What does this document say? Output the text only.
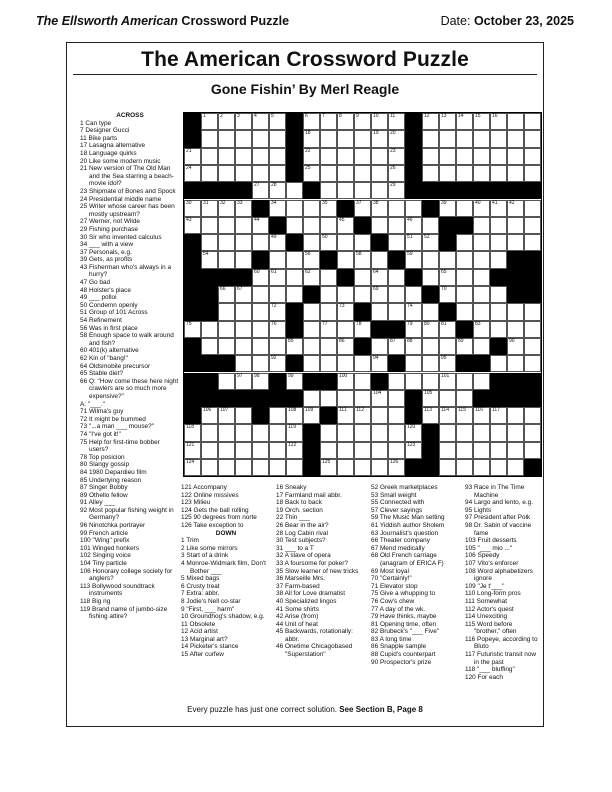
The Ellsworth American Crossword Puzzle	Date: October 23, 2025
The American Crossword Puzzle
Gone Fishin’ By Merl Reagle
ACROSS
1 Can type
7 Designer Gucci
11 Bike parts
17 Lasagna alternative
18 Language quirks
20 Like some modern music
21 New version of The Old Man and the Sea starring a beach-movie idol?
23 Shipmate of Bones and Spock
24 Presidential middle name
25 Writer whose career has been mostly upstream?
27 Werner, not Wilde
29 Fishing purchase
30 Sir who invented calculus
34 ___ with a view
37 Personals, e.g.
39 Gets, as profits
43 Fisherman who's always in a hurry?
47 Go bad
48 Holster's place
49 ___ polloi
50 Condemn openly
51 Group of 101 Across
54 Refinement
56 Was in first place
58 Enough space to walk around and fish?
60 401(k) alternative
62 Kin of "bang!"
64 Oldsmobile precursor
65 Stable diet?
66 Q: "How come these here night crawlers are so much more expensive?"
A: "___."
71 Wilma's guy
72 It might be bummed
73 "...a man ___ mouse?"
74 "I've got it!"
75 Help for first-time bobber users?
78 Top posicion
80 Slangy gossip
84 1980 Depardieu film
85 Underlying reason
87 Singer Bobby
89 Othello fellow
91 Alley ___
92 Most popular fishing weight in Germany?
96 Ninotchka portrayer
99 French article
100 "Wing" prefix
101 Winged honkers
102 Singing voice
104 Tiny particle
106 Honorary college society for anglers?
113 Bollywood soundtrack instruments
118 Big rig
119 Brand name of jumbo-size fishing attire?
121 Accompany
122 Online missives
123 Milieu
124 Gets the ball rolling
125 90 degrees from norte
126 Take exception to
DOWN
1 Trim
2 Like some mirrors
3 Start of a drink
4 Monroe-Widmark film, Don't Bother ___
5 Mixed bags
6 Crusty treat
7 Extra: abbr.
8 Jodie's Nell co-star
9 "First, ___ harm"
10 Groundhog's shadow, e.g.
11 Obsolete
12 Acid artist
13 Marginal art?
14 Picketer's stance
15 After curfew
16 Sneaky
17 Farmland mail abbr.
18 Back to back
19 Orch. section
22 Thin ___
26 Bear in the air?
28 Log Cabin rival
30 Test subjects?
31 ___ to a T
32 A slave of opera
33 A foursome for poker?
35 Slow learner of new tricks
36 Marseille Mrs.
37 Farm-based
38 All for Love dramatist
40 Specialized lingos
41 Some shirts
42 Arise (from)
44 Unit of heat
45 Backwards, rotationally: abbr.
46 Onetime Chicagobased "Superstation"
52 Greek marketplaces
53 Small weight
55 Connected with
57 Clever sayings
59 The Music Man setting
61 Yiddish author Sholem
63 Journalist's question
66 Theater company
67 Mend medically
68 Old French carriage (anagram of ERICA F)
69 Most loyal
70 "Certainly!"
71 Elevator stop
75 Give a whupping to
76 Cow's chew
77 A day of the wk.
79 Have thinks, maybe
81 Opening time, often
82 Brubeck's "___ Five"
83 A long time
86 Snapple sample
88 Cupid's counterpart
90 Prospector's prize
93 Race in The Time Machine
94 Largo and lento, e.g.
95 Lights
97 President after Polk
98 Dr. Sabin of vaccine fame
103 Fruit desserts
105 "___ mio ..."
106 Speedy
107 Vito's enforcer
108 Word alphabetizers ignore
109 "Je t'___"
110 Long-form pros
111 Somewhat
112 Actor's quest
114 Unexciting
115 Word before "brother," often
116 Popeye, according to Bluto
117 Futuristic transit now in the past
118 "___ bluffing"
120 For each
1	2	3	4	5	6	7	8	9	10 11	12 13 14 15 16
18	19 20
21	22	23
24	25	26
27 28	29
30 31 32 33	34	35	37 38	39	40 41 42
43	44	45	46
49	50	51 52
54	56	58	59
60 61	62	64	65
66 67	69	70
72	73	74
75	76	77	78	79 80 81	83
85	86	87 88	89	90
92	94	95
97 98	99	100	101
104	105
106 107	108 109	111 112	113 114 115 116 117
118	119	120
121	122	123
124	125	126
Every puzzle has just one correct solution. See Section B, Page 8
